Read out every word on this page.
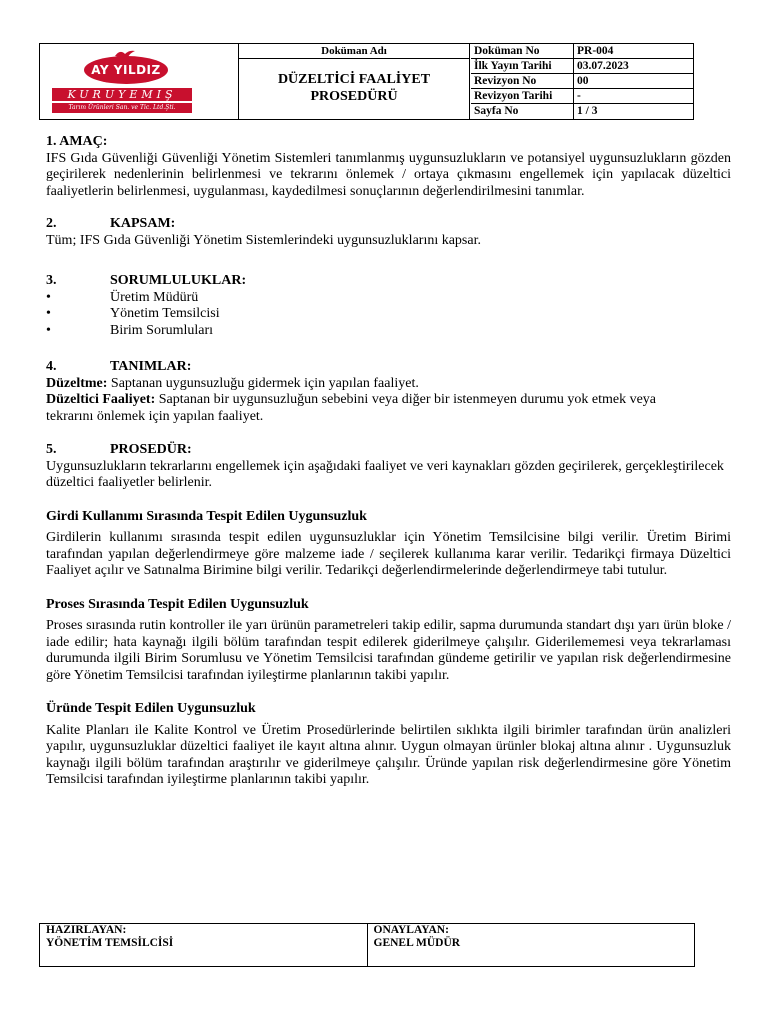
AY YILDIZ
KURUYEMIŞ
Tarım Ürünleri San. ve Tic. Ltd.Şti.
Doküman Adı
DÜZELTİCİ FAALİYET PROSEDÜRÜ
Doküman No	PR-004
İlk Yayın Tarihi	03.07.2023
Revizyon No	00
Revizyon Tarihi	-
Sayfa No	1 / 3
1. AMAÇ:
IFS Gıda Güvenliği Güvenliği Yönetim Sistemleri tanımlanmış uygunsuzlukların ve potansiyel uygunsuzlukların gözden geçirilerek nedenlerinin belirlenmesi ve tekrarını önlemek / ortaya çıkmasını engellemek için yapılacak düzeltici faaliyetlerin belirlenmesi, uygulanması, kaydedilmesi sonuçlarının değerlendirilmesini tanımlar.
2.	KAPSAM:
Tüm; IFS Gıda Güvenliği Yönetim Sistemlerindeki uygunsuzluklarını kapsar.
3.	SORUMLULUKLAR:
•	Üretim Müdürü
•	Yönetim Temsilcisi
•	Birim Sorumluları
4.	TANIMLAR:
Düzeltme: Saptanan uygunsuzluğu gidermek için yapılan faaliyet.
Düzeltici Faaliyet: Saptanan bir uygunsuzluğun sebebini veya diğer bir istenmeyen durumu yok etmek veya tekrarını önlemek için yapılan faaliyet.
5.	PROSEDÜR:
Uygunsuzlukların tekrarlarını engellemek için aşağıdaki faaliyet ve veri kaynakları gözden geçirilerek, gerçekleştirilecek düzeltici faaliyetler belirlenir.
Girdi Kullanımı Sırasında Tespit Edilen Uygunsuzluk
Girdilerin kullanımı sırasında tespit edilen uygunsuzluklar için Yönetim Temsilcisine bilgi verilir. Üretim Birimi tarafından yapılan değerlendirmeye göre malzeme iade / seçilerek kullanıma karar verilir. Tedarikçi firmaya Düzeltici Faaliyet açılır ve Satınalma Birimine bilgi verilir. Tedarikçi değerlendirmelerinde değerlendirmeye tabi tutulur.
Proses Sırasında Tespit Edilen Uygunsuzluk
Proses sırasında rutin kontroller ile yarı ürünün parametreleri takip edilir, sapma durumunda standart dışı yarı ürün bloke / iade edilir; hata kaynağı ilgili bölüm tarafından tespit edilerek giderilmeye çalışılır. Giderilememesi veya tekrarlaması durumunda ilgili Birim Sorumlusu ve Yönetim Temsilcisi tarafından gündeme getirilir ve yapılan risk değerlendirmesine göre Yönetim Temsilcisi tarafından iyileştirme planlarının takibi yapılır.
Üründe Tespit Edilen Uygunsuzluk
Kalite Planları ile Kalite Kontrol ve Üretim Prosedürlerinde belirtilen sıklıkta ilgili birimler tarafından ürün analizleri yapılır, uygunsuzluklar düzeltici faaliyet ile kayıt altına alınır. Uygun olmayan ürünler blokaj altına alınır . Uygunsuzluk kaynağı ilgili bölüm tarafından araştırılır ve giderilmeye çalışılır. Üründe yapılan risk değerlendirmesine göre Yönetim Temsilcisi tarafından iyileştirme planlarının takibi yapılır.
HAZIRLAYAN:
YÖNETİM TEMSİLCİSİ
ONAYLAYAN:
GENEL MÜDÜR
